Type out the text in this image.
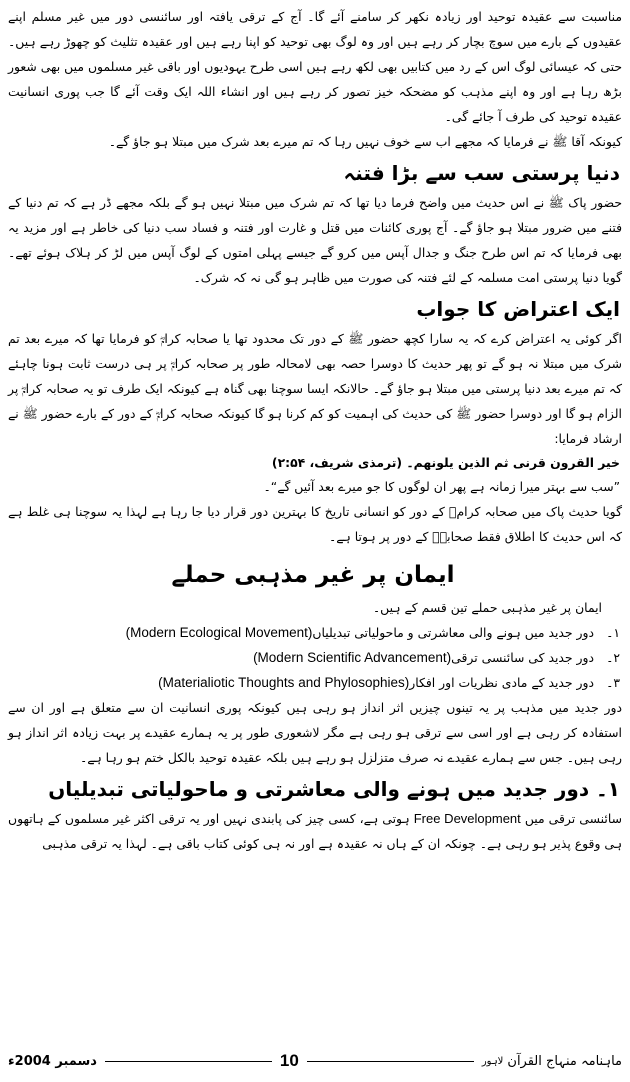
مناسبت سے عقیدہ توحید اور زیادہ نکھر کر سامنے آئے گا۔ آج کے ترقی یافتہ اور سائنسی دور میں غیر مسلم اپنے عقیدوں کے بارے میں سوچ بچار کر رہے ہیں اور وہ لوگ بھی توحید کو اپنا رہے ہیں اور عقیدہ تثلیث کو چھوڑ رہے ہیں۔ حتی کہ عیسائی لوگ اس کے رد میں کتابیں بھی لکھ رہے ہیں اسی طرح یہودیوں اور باقی غیر مسلموں میں بھی شعور بڑھ رہا ہے اور وہ اپنے مذہب کو مضحکہ خیز تصور کر رہے ہیں اور انشاء اللہ ایک وقت آئے گا جب پوری انسانیت عقیدہ توحید کی طرف آ جائے گی۔

کیونکہ آقا ﷺ نے فرمایا کہ مجھے اب سے خوف نہیں رہا کہ تم میرے بعد شرک میں مبتلا ہو جاؤ گے۔

دنیا پرستی سب سے بڑا فتنہ

حضور پاک ﷺ نے اس حدیث میں واضح فرما دیا تھا کہ تم شرک میں مبتلا نہیں ہو گے بلکہ مجھے ڈر ہے کہ تم دنیا کے فتنے میں ضرور مبتلا ہو جاؤ گے۔ آج پوری کائنات میں قتل و غارت اور فتنہ و فساد سب دنیا کی خاطر ہے اور مزید یہ بھی فرمایا کہ تم اس طرح جنگ و جدال آپس میں کرو گے جیسے پہلی امتوں کے لوگ آپس میں لڑ کر ہلاک ہوئے تھے۔ گویا دنیا پرستی امت مسلمہ کے لئے فتنہ کی صورت میں ظاہر ہو گی نہ کہ شرک۔

ایک اعتراض کا جواب

اگر کوئی یہ اعتراض کرے کہ یہ سارا کچھ حضور ﷺ کے دور تک محدود تھا یا صحابہ کرامؓ کو فرمایا تھا کہ میرے بعد تم شرک میں مبتلا نہ ہو گے تو پھر حدیث کا دوسرا حصہ بھی لامحالہ طور پر صحابہ کرامؓ پر ہی درست ثابت ہونا چاہئے کہ تم میرے بعد دنیا پرستی میں مبتلا ہو جاؤ گے۔ حالانکہ ایسا سوچنا بھی گناہ ہے کیونکہ ایک طرف تو یہ صحابہ کرامؓ پر الزام ہو گا اور دوسرا حضور ﷺ کی حدیث کی اہمیت کو کم کرنا ہو گا کیونکہ صحابہ کرامؓ کے دور کے بارے حضور ﷺ نے ارشاد فرمایا:

خیر القرون قرنی ثم الذین یلونھم۔ (ترمذی شریف، ۲:۵۴)

”سب سے بہتر میرا زمانہ ہے پھر ان لوگوں کا جو میرے بعد آئیں گے“۔

گویا حدیث پاک میں صحابہ کرامؓ کے دور کو انسانی تاریخ کا بہترین دور قرار دیا جا رہا ہے لہذا یہ سوچنا ہی غلط ہے کہ اس حدیث کا اطلاق فقط صحابہؓ کے دور پر ہوتا ہے۔

ایمان پر غیر مذہبی حملے

ایمان پر غیر مذہبی حملے تین قسم کے ہیں۔

۱۔
دور جدید میں ہونے والی معاشرتی و ماحولیاتی تبدیلیاں(Modern Ecological Movement)
۲۔
دور جدید کی سائنسی ترقی(Modern Scientific Advancement)
۳۔
دور جدید کے مادی نظریات اور افکار(Materialiotic Thoughts and Phylosophies)

دور جدید میں مذہب پر یہ تینوں چیزیں اثر انداز ہو رہی ہیں کیونکہ پوری انسانیت ان سے متعلق ہے اور ان سے استفادہ کر رہی ہے اور اسی سے ترقی ہو رہی ہے مگر لاشعوری طور پر یہ ہمارے عقیدے پر بہت زیادہ اثر انداز ہو رہی ہیں۔ جس سے ہمارے عقیدے نہ صرف متزلزل ہو رہے ہیں بلکہ عقیدہ توحید بالکل ختم ہو رہا ہے۔

۱۔ دور جدید میں ہونے والی معاشرتی و ماحولیاتی تبدیلیاں

سائنسی ترقی میں Free Development ہوتی ہے، کسی چیز کی پابندی نہیں اور یہ ترقی اکثر غیر مسلموں کے ہاتھوں ہی وقوع پذیر ہو رہی ہے۔ چونکہ ان کے ہاں نہ عقیدہ ہے اور نہ ہی کوئی کتاب باقی ہے۔ لہذا یہ ترقی مذہبی

ماہنامہ منہاج القرآن
لاہور
10
دسمبر 2004ء
